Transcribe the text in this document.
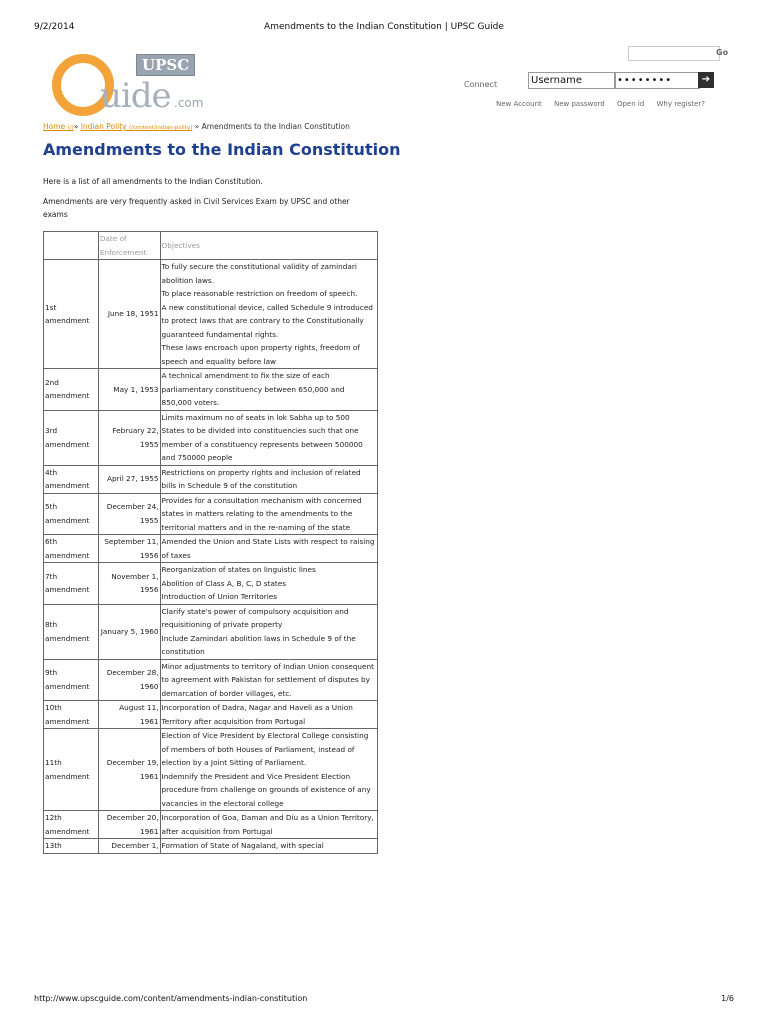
9/2/2014	Amendments to the Indian Constitution | UPSC Guide
UPSC
uide .com
Go
Connect	Username	••••••••	➔
New Account New password Open id Why register?
Home (/)» Indian Polity (/content/indian-polity) » Amendments to the Indian Constitution
Amendments to the Indian Constitution

Here is a list of all amendments to the Indian Constitution.

Amendments are very frequently asked in Civil Services Exam by UPSC and other exams

	Date of Enforcement	Objectives
1st amendment	June 18, 1951	To fully secure the constitutional validity of zamindari abolition laws.
To place reasonable restriction on freedom of speech.
A new constitutional device, called Schedule 9 introduced to protect laws that are contrary to the Constitutionally guaranteed fundamental rights.
These laws encroach upon property rights, freedom of speech and equality before law

2nd amendment	May 1, 1953	A technical amendment to fix the size of each parliamentary constituency between 650,000 and 850,000 voters.

3rd amendment	February 22, 1955	Limits maximum no of seats in lok Sabha up to 500
States to be divided into constituencies such that one member of a constituency represents between 500000 and 750000 people

4th amendment	April 27, 1955	Restrictions on property rights and inclusion of related bills in Schedule 9 of the constitution

5th amendment	December 24, 1955	Provides for a consultation mechanism with concerned states in matters relating to the amendments to the territorial matters and in the re-naming of the state

6th amendment	September 11, 1956	Amended the Union and State Lists with respect to raising of taxes

7th amendment	November 1, 1956	Reorganization of states on linguistic lines
Abolition of Class A, B, C, D states
Introduction of Union Territories

8th amendment	January 5, 1960	Clarify state's power of compulsory acquisition and requisitioning of private property
Include Zamindari abolition laws in Schedule 9 of the constitution

9th amendment	December 28, 1960	Minor adjustments to territory of Indian Union consequent to agreement with Pakistan for settlement of disputes by demarcation of border villages, etc.

10th amendment	August 11, 1961	Incorporation of Dadra, Nagar and Haveli as a Union Territory after acquisition from Portugal

11th amendment	December 19, 1961	Election of Vice President by Electoral College consisting of members of both Houses of Parliament, instead of election by a Joint Sitting of Parliament.
Indemnify the President and Vice President Election procedure from challenge on grounds of existence of any vacancies in the electoral college

12th amendment	December 20, 1961	Incorporation of Goa, Daman and Diu as a Union Territory, after acquisition from Portugal

13th	December 1,	Formation of State of Nagaland, with special
http://www.upscguide.com/content/amendments-indian-constitution	1/6
